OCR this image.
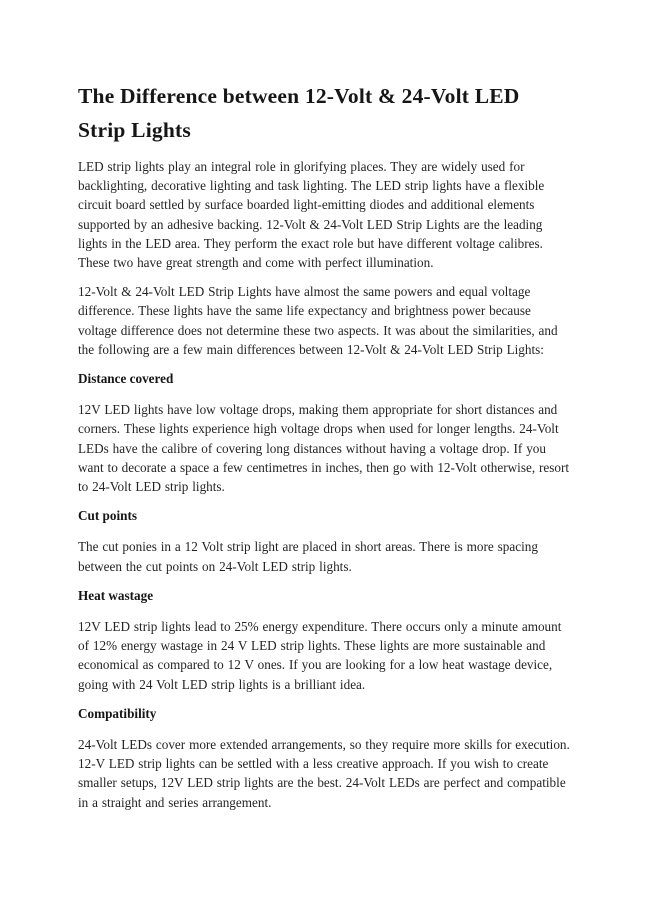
The Difference between 12-Volt & 24-Volt LED Strip Lights

LED strip lights play an integral role in glorifying places. They are widely used for backlighting, decorative lighting and task lighting. The LED strip lights have a flexible circuit board settled by surface boarded light-emitting diodes and additional elements supported by an adhesive backing. 12-Volt & 24-Volt LED Strip Lights are the leading lights in the LED area. They perform the exact role but have different voltage calibres. These two have great strength and come with perfect illumination.

12-Volt & 24-Volt LED Strip Lights have almost the same powers and equal voltage difference. These lights have the same life expectancy and brightness power because voltage difference does not determine these two aspects. It was about the similarities, and the following are a few main differences between 12-Volt & 24-Volt LED Strip Lights:

Distance covered

12V LED lights have low voltage drops, making them appropriate for short distances and corners. These lights experience high voltage drops when used for longer lengths. 24-Volt LEDs have the calibre of covering long distances without having a voltage drop. If you want to decorate a space a few centimetres in inches, then go with 12-Volt otherwise, resort to 24-Volt LED strip lights.

Cut points

The cut ponies in a 12 Volt strip light are placed in short areas. There is more spacing between the cut points on 24-Volt LED strip lights.

Heat wastage

12V LED strip lights lead to 25% energy expenditure. There occurs only a minute amount of 12% energy wastage in 24 V LED strip lights. These lights are more sustainable and economical as compared to 12 V ones. If you are looking for a low heat wastage device, going with 24 Volt LED strip lights is a brilliant idea.

Compatibility

24-Volt LEDs cover more extended arrangements, so they require more skills for execution. 12-V LED strip lights can be settled with a less creative approach. If you wish to create smaller setups, 12V LED strip lights are the best. 24-Volt LEDs are perfect and compatible in a straight and series arrangement.
